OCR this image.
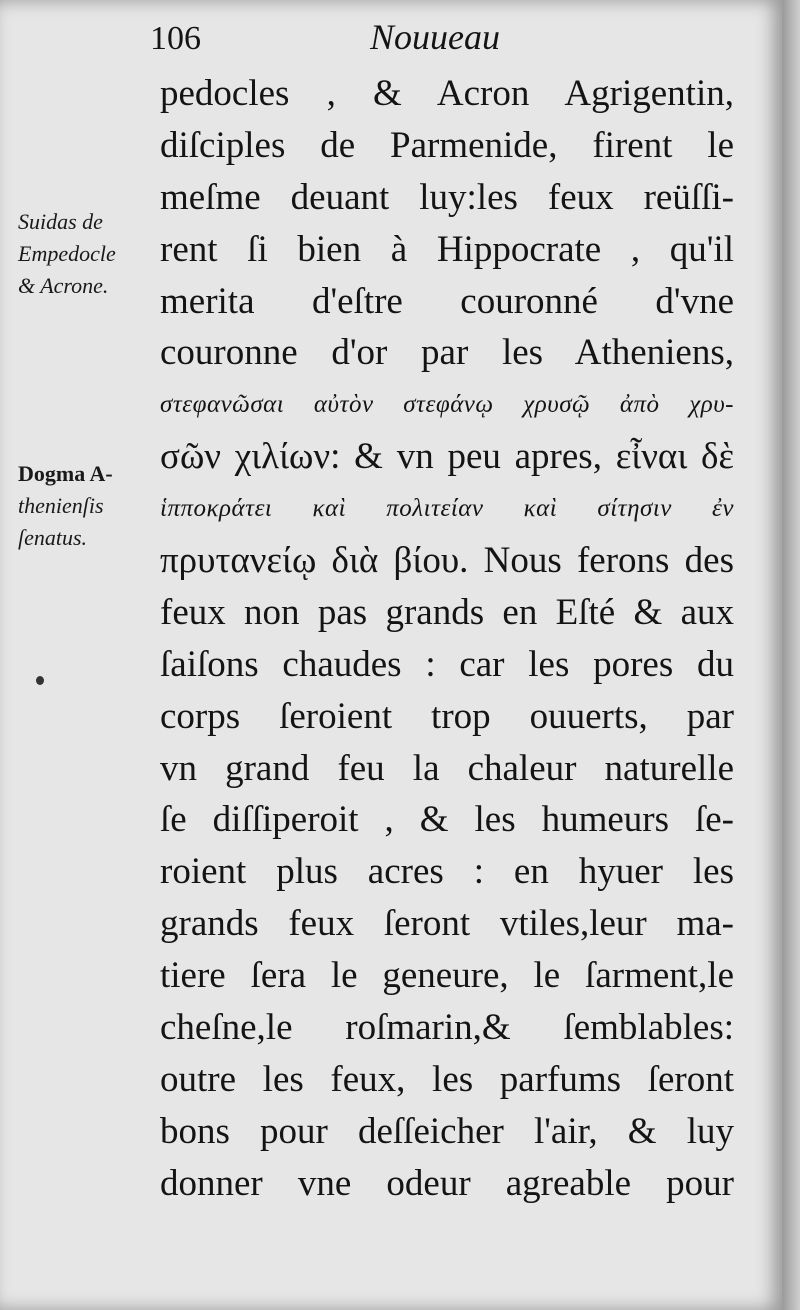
106	Nouueau
Suidas de
Empedocle
& Acrone.
Dogma A-
thenienſis
ſenatus.
pedocles , & Acron Agrigentin,
diſciples de Parmenide, firent le
meſme deuant luy:les feux reüſſi-
rent ſi bien à Hippocrate , qu'il
merita d'eſtre couronné d'vne
couronne d'or par les Atheniens,
στεφανῶσαι αὐτὸν στεφάνῳ χρυσῷ ἀπὸ χρυ-
σῶν χιλίων: & vn peu apres, εἶναι δὲ
ἱπποκράτει καὶ πολιτείαν καὶ σίτησιν ἐν
πρυτανείῳ διὰ βίου. Nous ferons des
feux non pas grands en Eſté & aux
ſaiſons chaudes : car les pores du
corps ſeroient trop ouuerts, par
vn grand feu la chaleur naturelle
ſe diſſiperoit , & les humeurs ſe-
roient plus acres : en hyuer les
grands feux ſeront vtiles,leur ma-
tiere ſera le geneure, le ſarment,le
cheſne,le roſmarin,& ſemblables:
outre les feux, les parfums ſeront
bons pour deſſeicher l'air, & luy
donner vne odeur agreable pour
